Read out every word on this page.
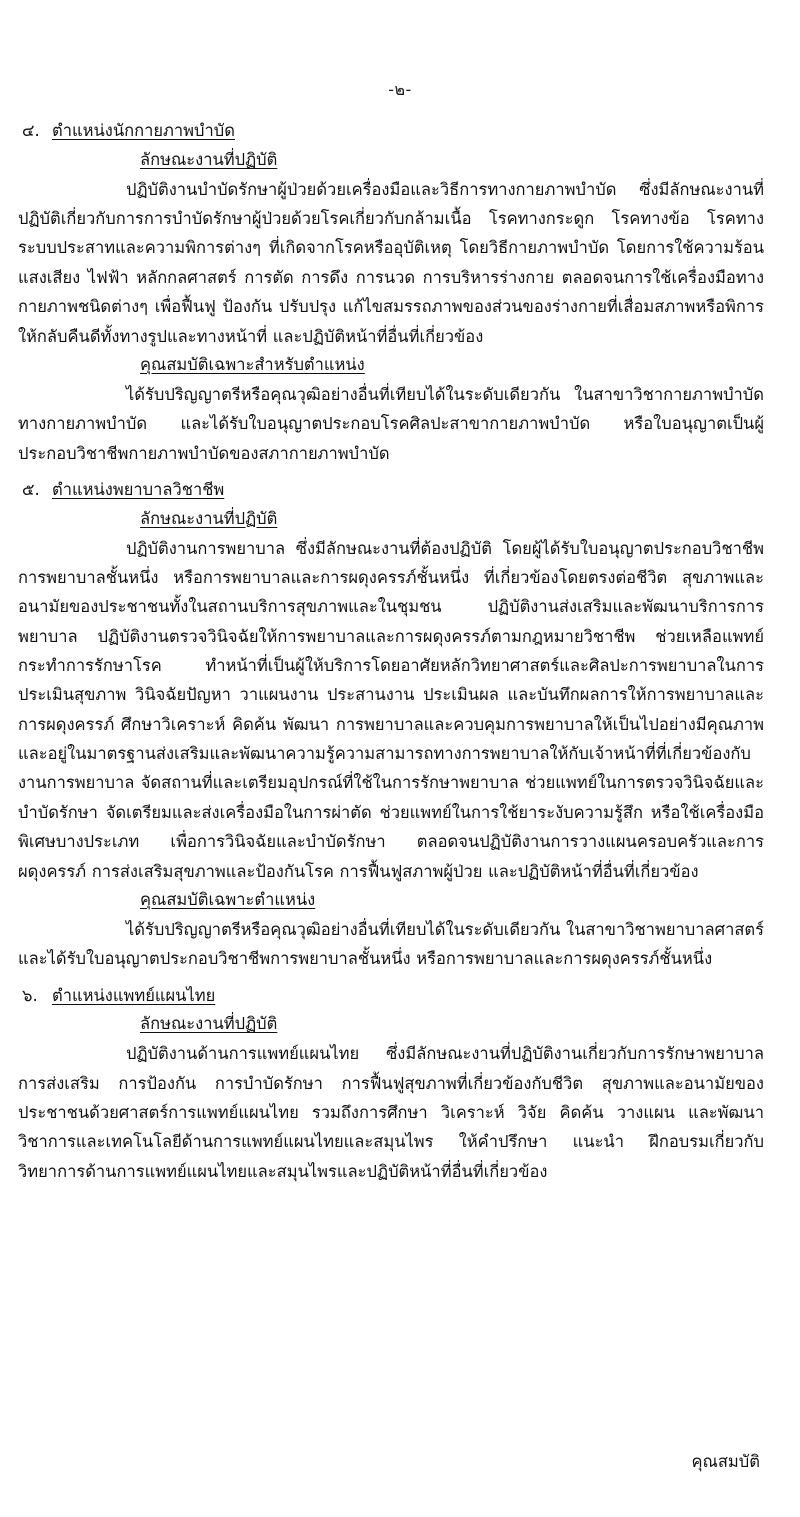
-๒-
๔. ตำแหน่งนักกายภาพบำบัด
ลักษณะงานที่ปฏิบัติ

ปฏิบัติงานบำบัดรักษาผู้ป่วยด้วยเครื่องมือและวิธีการทางกายภาพบำบัด ซึ่งมีลักษณะงานที่ปฏิบัติเกี่ยวกับการการบำบัดรักษาผู้ป่วยด้วยโรคเกี่ยวกับกล้ามเนื้อ โรคทางกระดูก โรคทางข้อ โรคทางระบบประสาทและความพิการต่างๆ ที่เกิดจากโรคหรืออุบัติเหตุ โดยวิธีกายภาพบำบัด โดยการใช้ความร้อน แสงเสียง ไฟฟ้า หลักกลศาสตร์ การตัด การดึง การนวด การบริหารร่างกาย ตลอดจนการใช้เครื่องมือทางกายภาพชนิดต่างๆ เพื่อฟื้นฟู ป้องกัน ปรับปรุง แก้ไขสมรรถภาพของส่วนของร่างกายที่เสื่อมสภาพหรือพิการให้กลับคืนดีทั้งทางรูปและทางหน้าที่ และปฏิบัติหน้าที่อื่นที่เกี่ยวข้อง

คุณสมบัติเฉพาะสำหรับตำแหน่ง

ได้รับปริญญาตรีหรือคุณวุฒิอย่างอื่นที่เทียบได้ในระดับเดียวกัน ในสาขาวิชากายภาพบำบัดทางกายภาพบำบัด และได้รับใบอนุญาตประกอบโรคศิลปะสาขากายภาพบำบัด หรือใบอนุญาตเป็นผู้ประกอบวิชาชีพกายภาพบำบัดของสภากายภาพบำบัด

๕. ตำแหน่งพยาบาลวิชาชีพ
ลักษณะงานที่ปฏิบัติ

ปฏิบัติงานการพยาบาล ซึ่งมีลักษณะงานที่ต้องปฏิบัติ โดยผู้ได้รับใบอนุญาตประกอบวิชาชีพการพยาบาลชั้นหนึ่ง หรือการพยาบาลและการผดุงครรภ์ชั้นหนึ่ง ที่เกี่ยวข้องโดยตรงต่อชีวิต สุขภาพและอนามัยของประชาชนทั้งในสถานบริการสุขภาพและในชุมชน ปฏิบัติงานส่งเสริมและพัฒนาบริการการพยาบาล ปฏิบัติงานตรวจวินิจฉัยให้การพยาบาลและการผดุงครรภ์ตามกฎหมายวิชาชีพ ช่วยเหลือแพทย์กระทำการรักษาโรค ทำหน้าที่เป็นผู้ให้บริการโดยอาศัยหลักวิทยาศาสตร์และศิลปะการพยาบาลในการประเมินสุขภาพ วินิจฉัยปัญหา วาแผนงาน ประสานงาน ประเมินผล และบันทึกผลการให้การพยาบาลและการผดุงครรภ์ ศึกษาวิเคราะห์ คิดค้น พัฒนา การพยาบาลและควบคุมการพยาบาลให้เป็นไปอย่างมีคุณภาพและอยู่ในมาตรฐานส่งเสริมและพัฒนาความรู้ความสามารถทางการพยาบาลให้กับเจ้าหน้าที่ที่เกี่ยวข้องกับงานการพยาบาล จัดสถานที่และเตรียมอุปกรณ์ที่ใช้ในการรักษาพยาบาล ช่วยแพทย์ในการตรวจวินิจฉัยและบำบัดรักษา จัดเตรียมและส่งเครื่องมือในการผ่าตัด ช่วยแพทย์ในการใช้ยาระงับความรู้สึก หรือใช้เครื่องมือพิเศษบางประเภท เพื่อการวินิจฉัยและบำบัดรักษา ตลอดจนปฏิบัติงานการวางแผนครอบครัวและการผดุงครรภ์ การส่งเสริมสุขภาพและป้องกันโรค การฟื้นฟูสภาพผู้ป่วย และปฏิบัติหน้าที่อื่นที่เกี่ยวข้อง

คุณสมบัติเฉพาะตำแหน่ง

ได้รับปริญญาตรีหรือคุณวุฒิอย่างอื่นที่เทียบได้ในระดับเดียวกัน ในสาขาวิชาพยาบาลศาสตร์และได้รับใบอนุญาตประกอบวิชาชีพการพยาบาลชั้นหนึ่ง หรือการพยาบาลและการผดุงครรภ์ชั้นหนึ่ง

๖. ตำแหน่งแพทย์แผนไทย
ลักษณะงานที่ปฏิบัติ

ปฏิบัติงานด้านการแพทย์แผนไทย ซึ่งมีลักษณะงานที่ปฏิบัติงานเกี่ยวกับการรักษาพยาบาล การส่งเสริม การป้องกัน การบำบัดรักษา การฟื้นฟูสุขภาพที่เกี่ยวข้องกับชีวิต สุขภาพและอนามัยของประชาชนด้วยศาสตร์การแพทย์แผนไทย รวมถึงการศึกษา วิเคราะห์ วิจัย คิดค้น วางแผน และพัฒนาวิชาการและเทคโนโลยีด้านการแพทย์แผนไทยและสมุนไพร ให้คำปรึกษา แนะนำ ฝึกอบรมเกี่ยวกับวิทยาการด้านการแพทย์แผนไทยและสมุนไพรและปฏิบัติหน้าที่อื่นที่เกี่ยวข้อง

คุณสมบัติ
